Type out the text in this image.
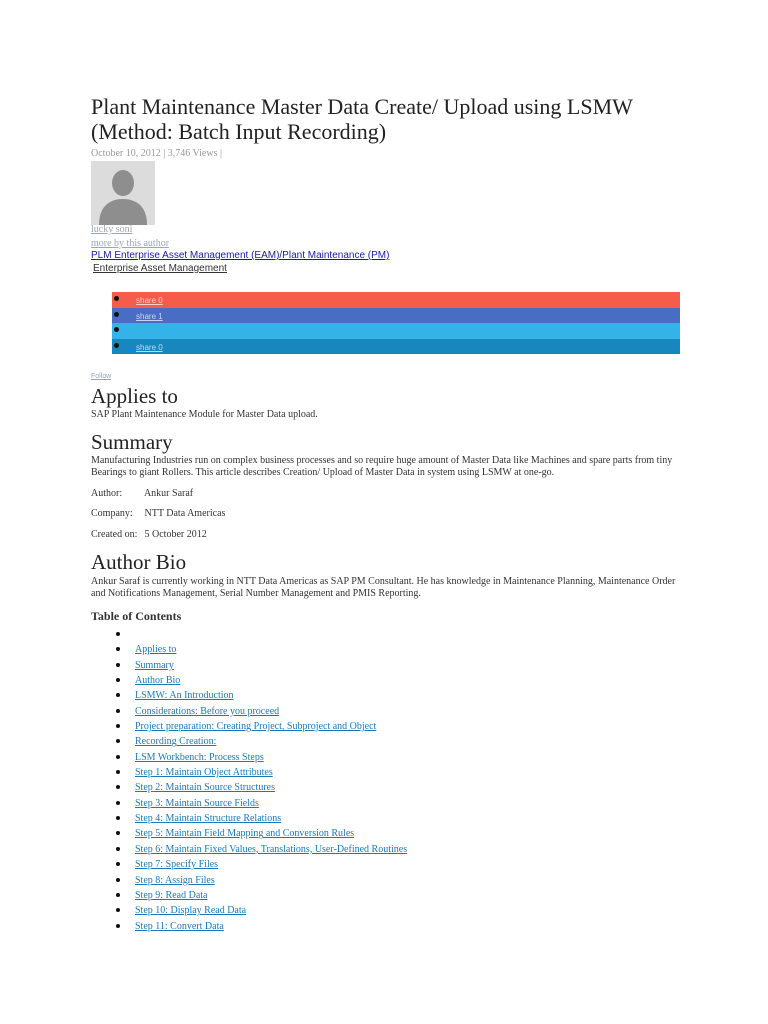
Plant Maintenance Master Data Create/ Upload using LSMW (Method: Batch Input Recording)
October 10, 2012 | 3,746 Views |
lucky soni
more by this author
PLM Enterprise Asset Management (EAM)/Plant Maintenance (PM)
Enterprise Asset Management
share 0
share 1
share 0
Follow
Applies to

SAP Plant Maintenance Module for Master Data upload.

Summary

Manufacturing Industries run on complex business processes and so require huge amount of Master Data like Machines and spare parts from tiny Bearings to giant Rollers. This article describes Creation/ Upload of Master Data in system using LSMW at one-go.

Author: Ankur Saraf
Company: NTT Data Americas
Created on: 5 October 2012
Author Bio

Ankur Saraf is currently working in NTT Data Americas as SAP PM Consultant. He has knowledge in Maintenance Planning, Maintenance Order and Notifications Management, Serial Number Management and PMIS Reporting.

Table of Contents
Applies to
Summary
Author Bio
LSMW: An Introduction
Considerations: Before you proceed
Project preparation: Creating Project, Subproject and Object
Recording Creation:
LSM Workbench: Process Steps
Step 1: Maintain Object Attributes
Step 2: Maintain Source Structures
Step 3: Maintain Source Fields
Step 4: Maintain Structure Relations
Step 5: Maintain Field Mapping and Conversion Rules
Step 6: Maintain Fixed Values, Translations, User-Defined Routines
Step 7: Specify Files
Step 8: Assign Files
Step 9: Read Data
Step 10: Display Read Data
Step 11: Convert Data
